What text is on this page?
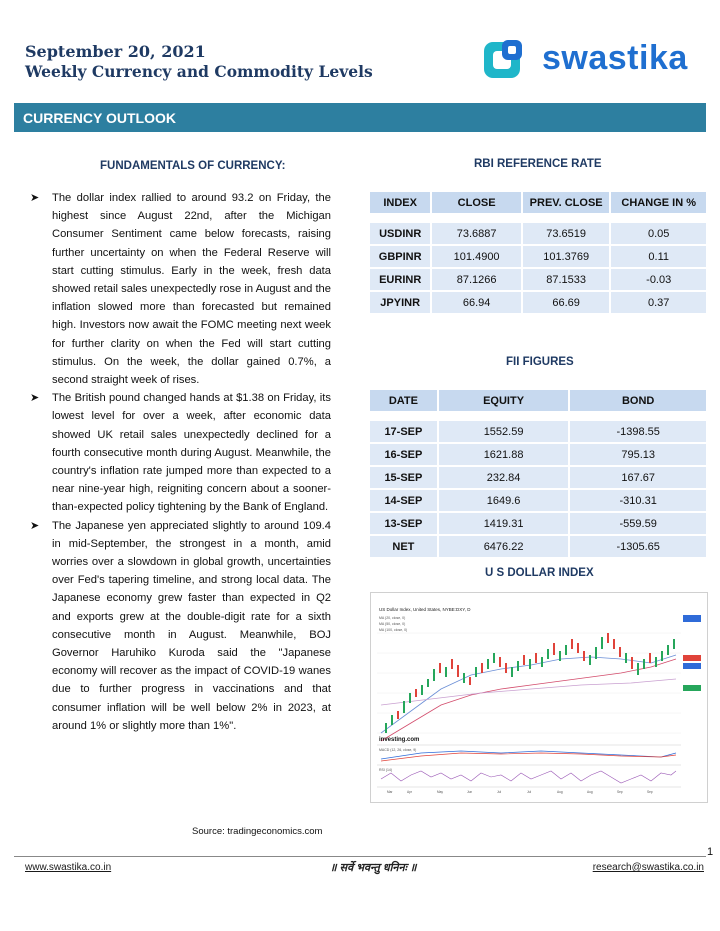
September 20, 2021
Weekly Currency and Commodity Levels	swastika
CURRENCY OUTLOOK
FUNDAMENTALS OF CURRENCY:
➤ The dollar index rallied to around 93.2 on Friday, the highest since August 22nd, after the Michigan Consumer Sentiment came below forecasts, raising further uncertainty on when the Federal Reserve will start cutting stimulus. Early in the week, fresh data showed retail sales unexpectedly rose in August and the inflation slowed more than forecasted but remained high. Investors now await the FOMC meeting next week for further clarity on when the Fed will start cutting stimulus. On the week, the dollar gained 0.7%, a second straight week of rises.
➤ The British pound changed hands at $1.38 on Friday, its lowest level for over a week, after economic data showed UK retail sales unexpectedly declined for a fourth consecutive month during August. Meanwhile, the country's inflation rate jumped more than expected to a near nine-year high, reigniting concern about a sooner-than-expected policy tightening by the Bank of England.
➤ The Japanese yen appreciated slightly to around 109.4 in mid-September, the strongest in a month, amid worries over a slowdown in global growth, uncertainties over Fed's tapering timeline, and strong local data. The Japanese economy grew faster than expected in Q2 and exports grew at the double-digit rate for a sixth consecutive month in August. Meanwhile, BOJ Governor Haruhiko Kuroda said the "Japanese economy will recover as the impact of COVID-19 wanes due to further progress in vaccinations and that consumer inflation will be well below 2% in 2023, at around 1% or slightly more than 1%".
Source: tradingeconomics.com
RBI REFERENCE RATE
INDEX	CLOSE	PREV. CLOSE	CHANGE IN %

USDINR	73.6887	73.6519	0.05
GBPINR	101.4900	101.3769	0.11
EURINR	87.1266	87.1533	-0.03
JPYINR	66.94	66.69	0.37
FII FIGURES
DATE	EQUITY	BOND

17-SEP	1552.59	-1398.55
16-SEP	1621.88	795.13
15-SEP	232.84	167.67
14-SEP	1649.6	-310.31
13-SEP	1419.31	-559.59
NET	6476.22	-1305.65
U S DOLLAR INDEX
US Dollar Index, United States, NYBE:DXY, D
MA (20, close, 0)
MA (50, close, 0)
MA (100, close, 0)
investing.com
MACD (12, 26, close, 9)
RSI (14)
Mar	Apr	May	Jun	Jul	Jul	Aug	Aug	Sep	Sep
1
www.swastika.co.in	॥ सर्वे भवन्तु धनिनः ॥	research@swastika.co.in
